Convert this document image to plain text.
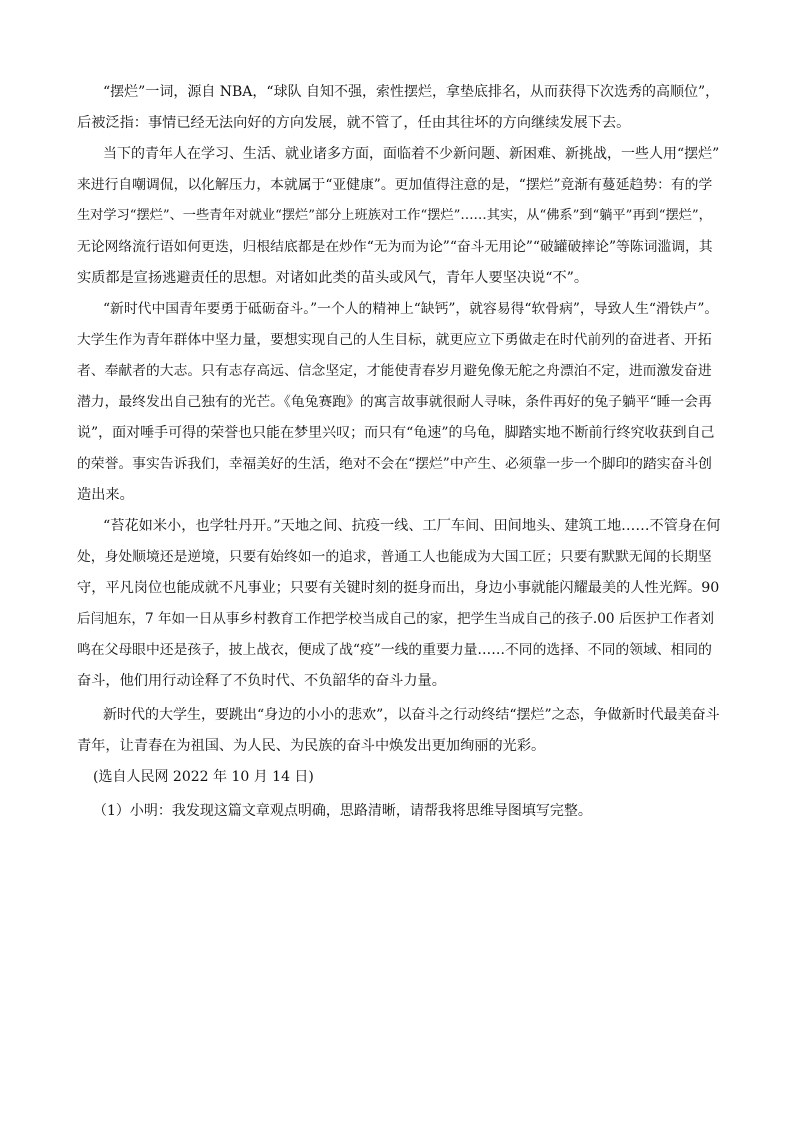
“摆烂”一词，源自 NBA，“球队 自知不强，索性摆烂，拿垫底排名，从而获得下次选秀的高顺位”，
后被泛指：事情已经无法向好的方向发展，就不管了，任由其往坏的方向继续发展下去。
当下的青年人在学习、生活、就业诸多方面，面临着不少新问题、新困难、新挑战，一些人用“摆烂”
来进行自嘲调侃，以化解压力，本就属于“亚健康”。更加值得注意的是，“摆烂”竟渐有蔓延趋势：有的学
生对学习“摆烂”、一些青年对就业“摆烂”部分上班族对工作“摆烂”……其实，从“佛系”到“躺平”再到“摆烂”，
无论网络流行语如何更迭，归根结底都是在炒作“无为而为论”“奋斗无用论”“破罐破摔论”等陈词滥调，其
实质都是宣扬逃避责任的思想。对诸如此类的苗头或风气，青年人要坚决说“不”。
“新时代中国青年要勇于砥砺奋斗。”一个人的精神上“缺钙”，就容易得“软骨病”，导致人生“滑铁卢”。
大学生作为青年群体中坚力量，要想实现自己的人生目标，就更应立下勇做走在时代前列的奋进者、开拓
者、奉献者的大志。只有志存高远、信念坚定，才能使青春岁月避免像无舵之舟漂泊不定，进而激发奋进
潜力，最终发出自己独有的光芒。《龟兔赛跑》的寓言故事就很耐人寻味，条件再好的兔子躺平“睡一会再
说”，面对唾手可得的荣誉也只能在梦里兴叹；而只有“龟速”的乌龟，脚踏实地不断前行终究收获到自己
的荣誉。事实告诉我们，幸福美好的生活，绝对不会在“摆烂”中产生、必须靠一步一个脚印的踏实奋斗创
造出来。
“苔花如米小，也学牡丹开。”天地之间、抗疫一线、工厂车间、田间地头、建筑工地……不管身在何
处，身处顺境还是逆境，只要有始终如一的追求，普通工人也能成为大国工匠；只要有默默无闻的长期坚
守，平凡岗位也能成就不凡事业；只要有关键时刻的挺身而出，身边小事就能闪耀最美的人性光辉。90
后闫旭东，7 年如一日从事乡村教育工作把学校当成自己的家，把学生当成自己的孩子.00 后医护工作者刘
鸣在父母眼中还是孩子，披上战衣，便成了战“疫”一线的重要力量……不同的选择、不同的领域、相同的
奋斗，他们用行动诠释了不负时代、不负韶华的奋斗力量。
新时代的大学生，要跳出“身边的小小的悲欢”，以奋斗之行动终结“摆烂”之态，争做新时代最美奋斗
青年，让青春在为祖国、为人民、为民族的奋斗中焕发出更加绚丽的光彩。
(选自人民网 2022 年 10 月 14 日)
（1）小明：我发现这篇文章观点明确，思路清晰，请帮我将思维导图填写完整。
